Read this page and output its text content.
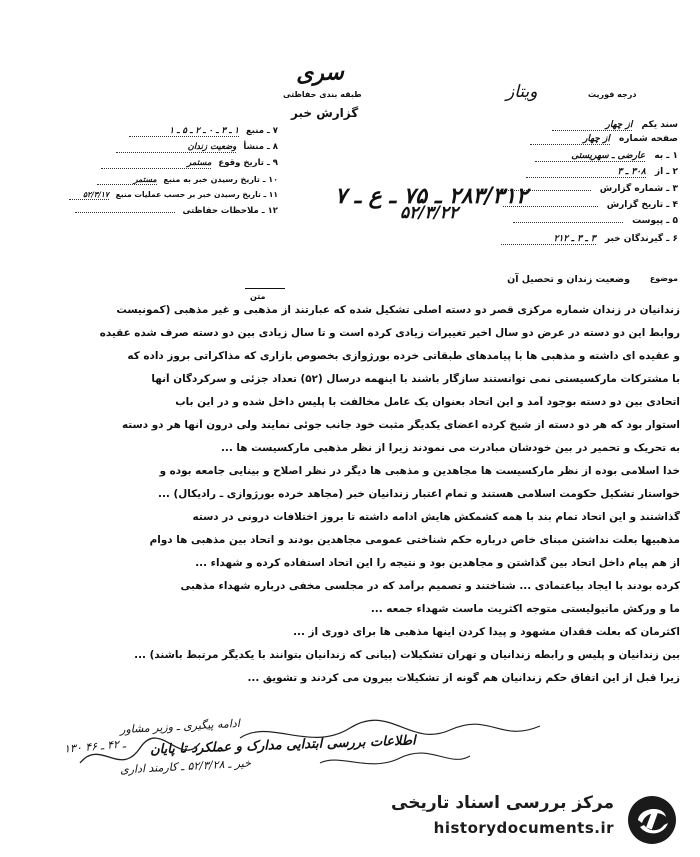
سری
طبقه بندی حفاظتی
گزارش خبر
درجه فوریت
ویتاز
سند یکم از چهار
صفحه شماره از چهار
۱ ـ به عارضی ـ سهریستی
۲ ـ از ۳۰۸ ـ ۳
۳ ـ شماره گزارش
۴ ـ تاریخ گزارش
۵ ـ پیوست
۶ ـ گیرندگان خبر ۳ ـ ۳ ـ ۲۱۲
۷ ـ منبع ۱ ـ ۳ ـ ۰ ـ ۲ ـ ۵ ـ ۱
۸ ـ منشأ وضعیت زندان
۹ ـ تاریخ وقوع مستمر
۱۰ ـ تاریخ رسیدن خبر به منبع مستمر
۱۱ ـ تاریخ رسیدن خبر بر حسب عملیات منبع ۵۲/۳/۱۷
۱۲ ـ ملاحظات حفاظتی
۲۸۳/۳۱۲ ـ ۷۵ ـ ع ـ ۷
۵۲/۳/۲۲
موضوع
وضعیت زندان و تحصیل آن
متن
زندانیان در زندان شماره مرکزی قصر دو دسته اصلی تشکیل شده که عبارتند از مذهبی و غیر مذهبی (کمونیست
روابط این دو دسته در عرض دو سال اخیر تغییرات زیادی کرده است و تا سال زیادی بین دو دسته صرف شده عقیده
و عقیده ای داشته و مذهبی ها با پیامدهای طبقاتی خرده بورژوازی بخصوص بازاری که مذاکراتی بروز داده که
با مشترکات مارکسیستی نمی توانستند سازگار باشند با اینهمه درسال (۵۲) تعداد جزئی و سرکردگان آنها
اتحادی بین دو دسته بوجود آمد و این اتحاد بعنوان یک عامل مخالفت با پلیس داخل شده و در این باب
استوار بود که هر دو دسته از شیخ کرده اعضای یکدیگر مثبت خود جانب جوئی نمایند ولی درون آنها هر دو دسته
به تحریک و تحمیر در بین خودشان مبادرت می نمودند زیرا از نظر مذهبی مارکسیست ها ...
خدا اسلامی بوده از نظر مارکسیست ها مجاهدین و مذهبی ها دیگر در نظر اصلاح و بینایی جامعه بوده و
خواستار تشکیل حکومت اسلامی هستند و تمام اعتبار زندانیان خبر (مجاهد خرده بورژوازی ـ رادیکال) ...
گذاشتند و این اتحاد تمام بند با همه کشمکش هایش ادامه داشته تا بروز اختلافات درونی در دسته
مذهبیها بعلت نداشتن مبنای خاص درباره حکم شناختی عمومی مجاهدین بودند و اتحاد بین مذهبی ها دوام
از هم پیام داخل اتحاد بین گذاشتن و مجاهدین بود و نتیجه را این اتحاد استفاده کرده و شهداء ...
کرده بودند با ایجاد بیاعتمادی ... شناختند و تصمیم برآمد که در مجلسی مخفی درباره شهداء مذهبی
ما و ورکش مانیولیستی متوجه اکثریت ماست شهداء جمعه ...
اکثرمان که بعلت فقدان مشهود و پیدا کردن اینها مذهبی ها برای دوری از ...
بین زندانیان و پلیس و رابطه زندانیان و تهران تشکیلات (بیانی که زندانیان بتوانند با یکدیگر مرتبط باشند) ...
زیرا قبل از این اتفاق حکم زندانیان هم گونه از تشکیلات بیرون می کردند و تشویق ...
ادامه پیگیری ـ وزیر مشاور
اطلاعات بررسی ابتدایی مدارک و عملکرد تا پایان
خیر ـ ۵۲/۳/۲۸ ـ کارمند اداری
۱۳۰ ـ ۴۲ ـ ۴۶
مرکز بررسی اسناد تاریخی
historydocuments.ir
